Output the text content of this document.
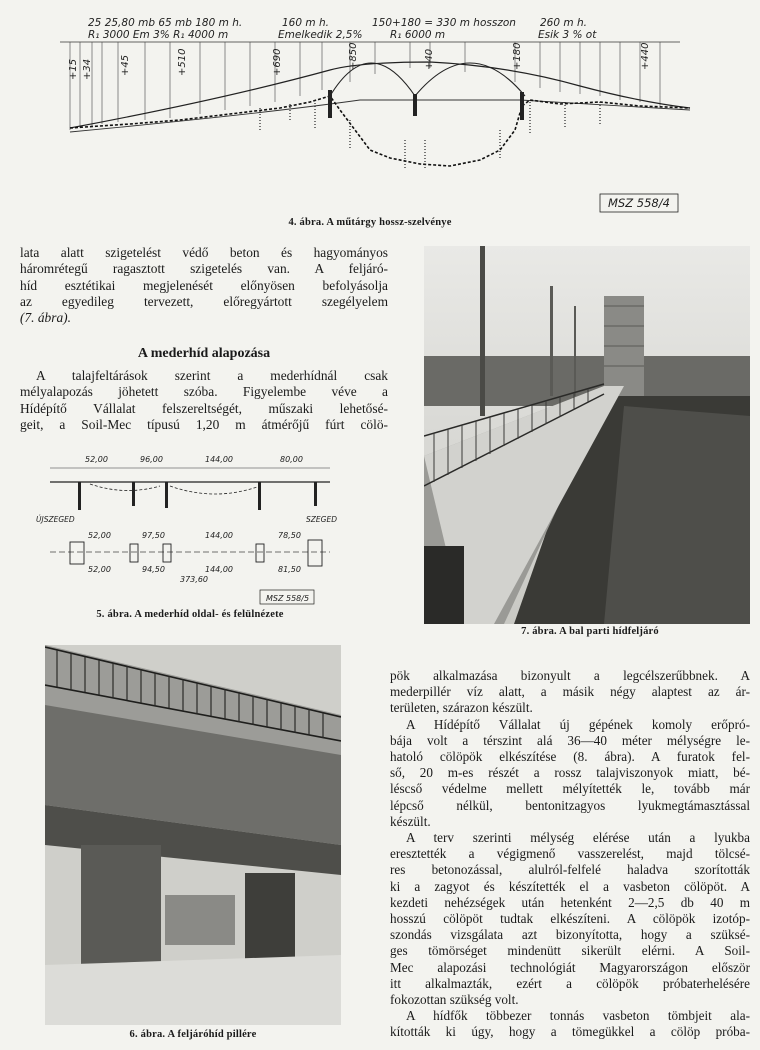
25 25,80 mb 65 mb 180 m h.
R₁ 3000 Em 3% R₁ 4000 m
160 m h.
Emelkedik 2,5%
150+180 = 330 m hosszon
R₁ 6000 m
260 m h.
Esik 3 % ot
+15 +34	+45	+510	+690	+850	+40	+180	+440
MSZ 558/4
4. ábra. A műtárgy hossz-szelvénye
lata alatt szigetelést védő beton és hagyományos
háromrétegű ragasztott szigetelés van. A feljáró-
híd esztétikai megjelenését előnyösen befolyásolja
az egyedileg tervezett, előregyártott szegélyelem
(7. ábra).
A mederhíd alapozása
A talajfeltárások szerint a mederhídnál csak
mélyalapozás jöhetett szóba. Figyelembe véve a
Hídépítő Vállalat felszereltségét, műszaki lehetősé-
geit, a Soil-Mec típusú 1,20 m átmérőjű fúrt cölö-
52,00	96,00	144,00	80,00
ÚJSZEGED	SZEGED
52,00	97,50	144,00	78,50
52,00	94,50	144,00	81,50
373,60
MSZ 558/5
5. ábra. A mederhíd oldal- és felülnézete
7. ábra. A bal parti hídfeljáró
6. ábra. A feljáróhíd pillére
pök alkalmazása bizonyult a legcélszerűbbnek. A
mederpillér víz alatt, a másik négy alaptest az ár-
területen, szárazon készült.
A Hídépítő Vállalat új gépének komoly erőpró-
bája volt a térszint alá 36—40 méter mélységre le-
hatoló cölöpök elkészítése (8. ábra). A furatok fel-
ső, 20 m-es részét a rossz talajviszonyok miatt, bé-
léscső védelme mellett mélyítették le, tovább már
lépcső nélkül, bentonitzagyos lyukmegtámasztással
készült.
A terv szerinti mélység elérése után a lyukba
eresztették a végigmenő vasszerelést, majd tölcsé-
res betonozással, alulról-felfelé haladva szorították
ki a zagyot és készítették el a vasbeton cölöpöt. A
kezdeti nehézségek után hetenként 2—2,5 db 40 m
hosszú cölöpöt tudtak elkészíteni. A cölöpök izotóp-
szondás vizsgálata azt bizonyította, hogy a szüksé-
ges tömörséget mindenütt sikerült elérni. A Soil-
Mec alapozási technológiát Magyarországon először
itt alkalmazták, ezért a cölöpök próbaterhelésére
fokozottan szükség volt.
A hídfők többezer tonnás vasbeton tömbjeit ala-
kították ki úgy, hogy a tömegükkel a cölöp próba-
